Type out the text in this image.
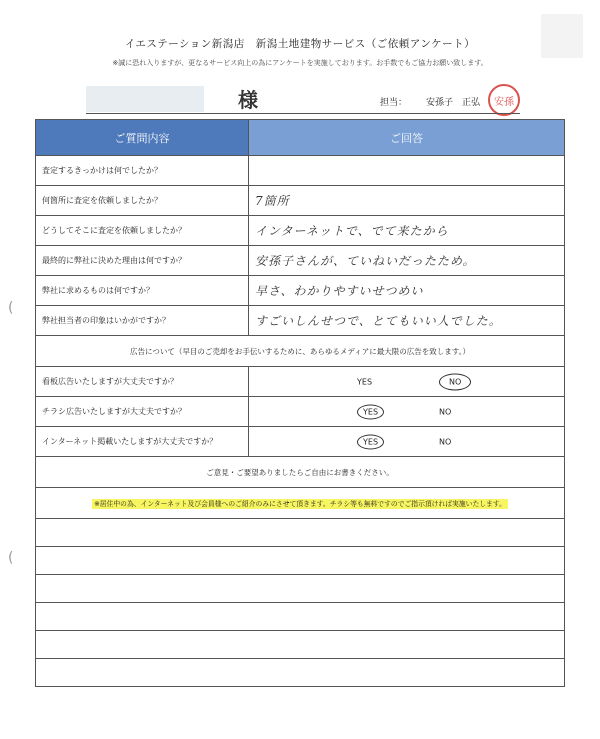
イエステーション新潟店　新潟土地建物サービス（ご依頼アンケート）
※誠に恐れ入りますが、更なるサービス向上の為にアンケートを実施しております。お手数でもご協力お願い致します。
様	担当： 安孫子　正弘 安孫
(
(
ご質問内容	ご回答
査定するきっかけは何でしたか？	
何箇所に査定を依頼しましたか？	7箇所
どうしてそこに査定を依頼しましたか？	インターネットで、でて来たから
最終的に弊社に決めた理由は何ですか？	安孫子さんが、ていねいだったため。
弊社に求めるものは何ですか？	早さ、わかりやすいせつめい
弊社担当者の印象はいかがですか？	すごいしんせつで、とてもいい人でした。
広告について（早目のご売却をお手伝いするために、あらゆるメディアに最大限の広告を致します。）	
看板広告いたしますが大丈夫ですか？	YES NO

チラシ広告いたしますが大丈夫ですか？	YES NO

インターネット掲載いたしますが大丈夫ですか？	YES NO

ご意見・ご要望ありましたらご自由にお書きください。	
※居住中の為、インターネット及び会員様へのご紹介のみにさせて頂きます。チラシ等も無料ですのでご指示頂ければ実施いたします。	
